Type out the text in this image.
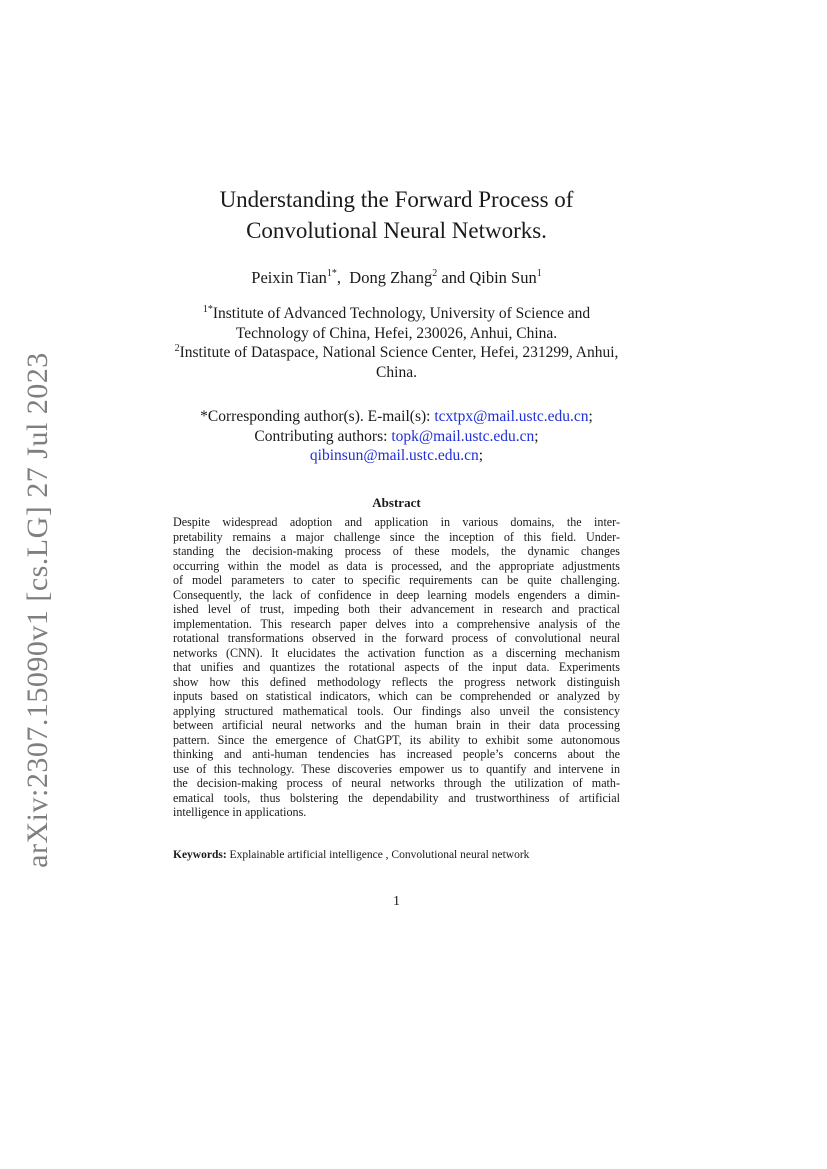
arXiv:2307.15090v1 [cs.LG] 27 Jul 2023
Understanding the Forward Process of
Convolutional Neural Networks.
Peixin Tian$^{1*}$,  Dong Zhang$^2$ and Qibin Sun$^1$
$^{1*}$Institute of Advanced Technology, University of Science and
Technology of China, Hefei, 230026, Anhui, China.
$^2$Institute of Dataspace, National Science Center, Hefei, 231299, Anhui,
China.
*Corresponding author(s). E-mail(s): tcxtpx@mail.ustc.edu.cn;
Contributing authors: topk@mail.ustc.edu.cn;
qibinsun@mail.ustc.edu.cn;
Abstract
Despite widespread adoption and application in various domains, the inter-
pretability remains a major challenge since the inception of this field. Under-
standing the decision-making process of these models, the dynamic changes
occurring within the model as data is processed, and the appropriate adjustments
of model parameters to cater to specific requirements can be quite challenging.
Consequently, the lack of confidence in deep learning models engenders a dimin-
ished level of trust, impeding both their advancement in research and practical
implementation. This research paper delves into a comprehensive analysis of the
rotational transformations observed in the forward process of convolutional neural
networks (CNN). It elucidates the activation function as a discerning mechanism
that unifies and quantizes the rotational aspects of the input data. Experiments
show how this defined methodology reflects the progress network distinguish
inputs based on statistical indicators, which can be comprehended or analyzed by
applying structured mathematical tools. Our findings also unveil the consistency
between artificial neural networks and the human brain in their data processing
pattern. Since the emergence of ChatGPT, its ability to exhibit some autonomous
thinking and anti-human tendencies has increased people’s concerns about the
use of this technology. These discoveries empower us to quantify and intervene in
the decision-making process of neural networks through the utilization of math-
ematical tools, thus bolstering the dependability and trustworthiness of artificial
intelligence in applications.
Keywords: Explainable artificial intelligence , Convolutional neural network
1
